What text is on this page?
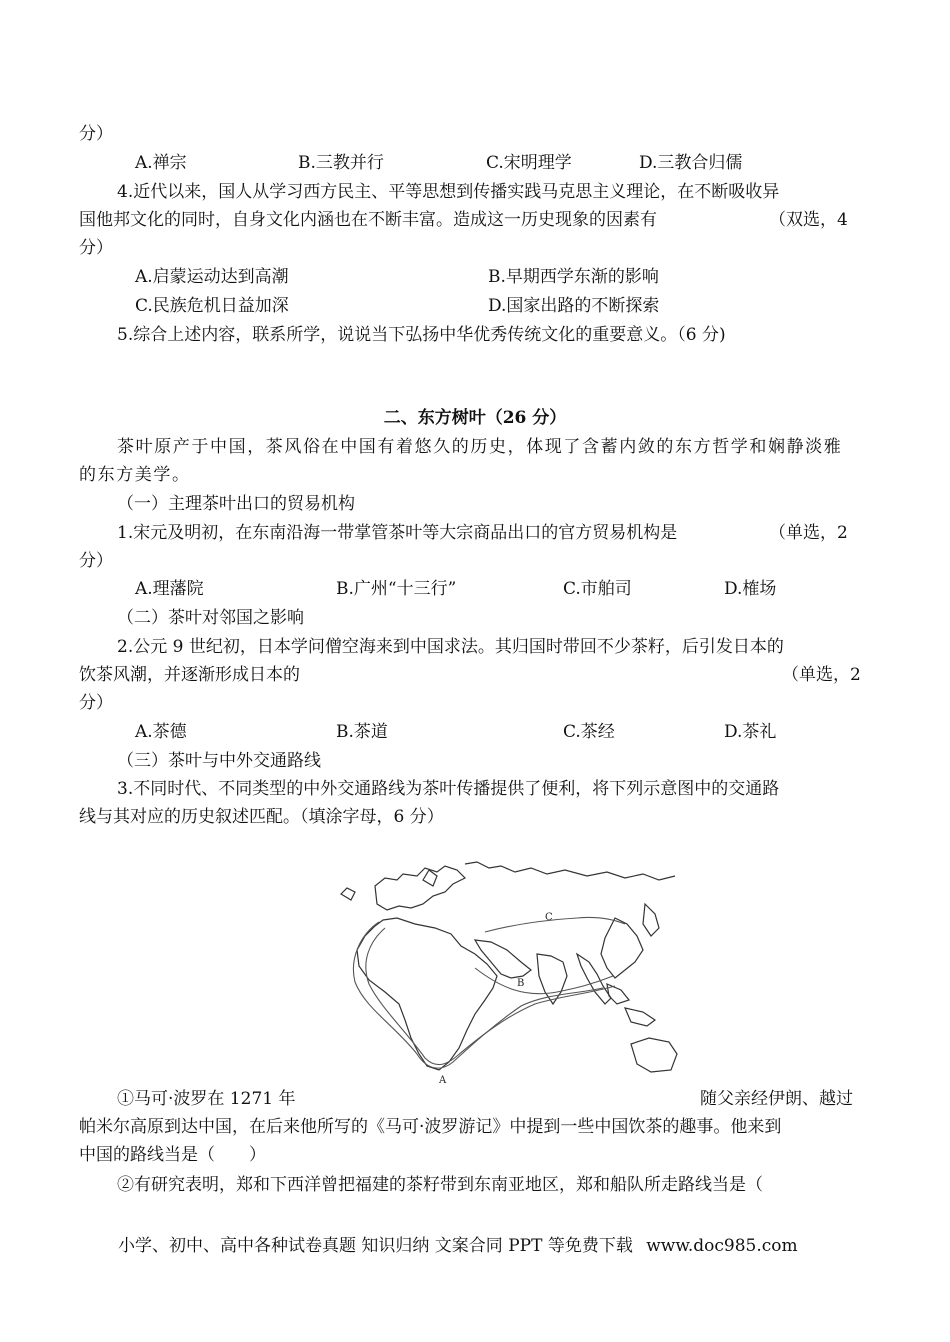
分）
A.禅宗	B.三教并行	C.宋明理学	D.三教合归儒
4.近代以来，国人从学习西方民主、平等思想到传播实践马克思主义理论，在不断吸收异
国他邦文化的同时，自身文化内涵也在不断丰富。造成这一历史现象的因素有	（双选，4
分）
A.启蒙运动达到高潮	B.早期西学东渐的影响
C.民族危机日益加深	D.国家出路的不断探索
5.综合上述内容，联系所学，说说当下弘扬中华优秀传统文化的重要意义。（6 分)
二、东方树叶（26 分）
茶叶原产于中国，茶风俗在中国有着悠久的历史，体现了含蓄内敛的东方哲学和娴静淡雅
的东方美学。
（一）主理茶叶出口的贸易机构
1.宋元及明初，在东南沿海一带掌管茶叶等大宗商品出口的官方贸易机构是	（单选，2
分）
A.理藩院	B.广州“十三行”	C.市舶司	D.榷场
（二）茶叶对邻国之影响
2.公元 9 世纪初，日本学问僧空海来到中国求法。其归国时带回不少茶籽，后引发日本的
饮茶风潮，并逐渐形成日本的	（单选，2
分）
A.茶德	B.茶道	C.茶经	D.茶礼
（三）茶叶与中外交通路线
3.不同时代、不同类型的中外交通路线为茶叶传播提供了便利，将下列示意图中的交通路
线与其对应的历史叙述匹配。（填涂字母，6 分）
A
B
C
①马可·波罗在 1271 年	随父亲经伊朗、越过
帕米尔高原到达中国，在后来他所写的《马可·波罗游记》中提到一些中国饮茶的趣事。他来到
中国的路线当是（　　）
②有研究表明，郑和下西洋曾把福建的茶籽带到东南亚地区，郑和船队所走路线当是（
小学、初中、高中各种试卷真题 知识归纳 文案合同 PPT 等免费下载 www.doc985.com
